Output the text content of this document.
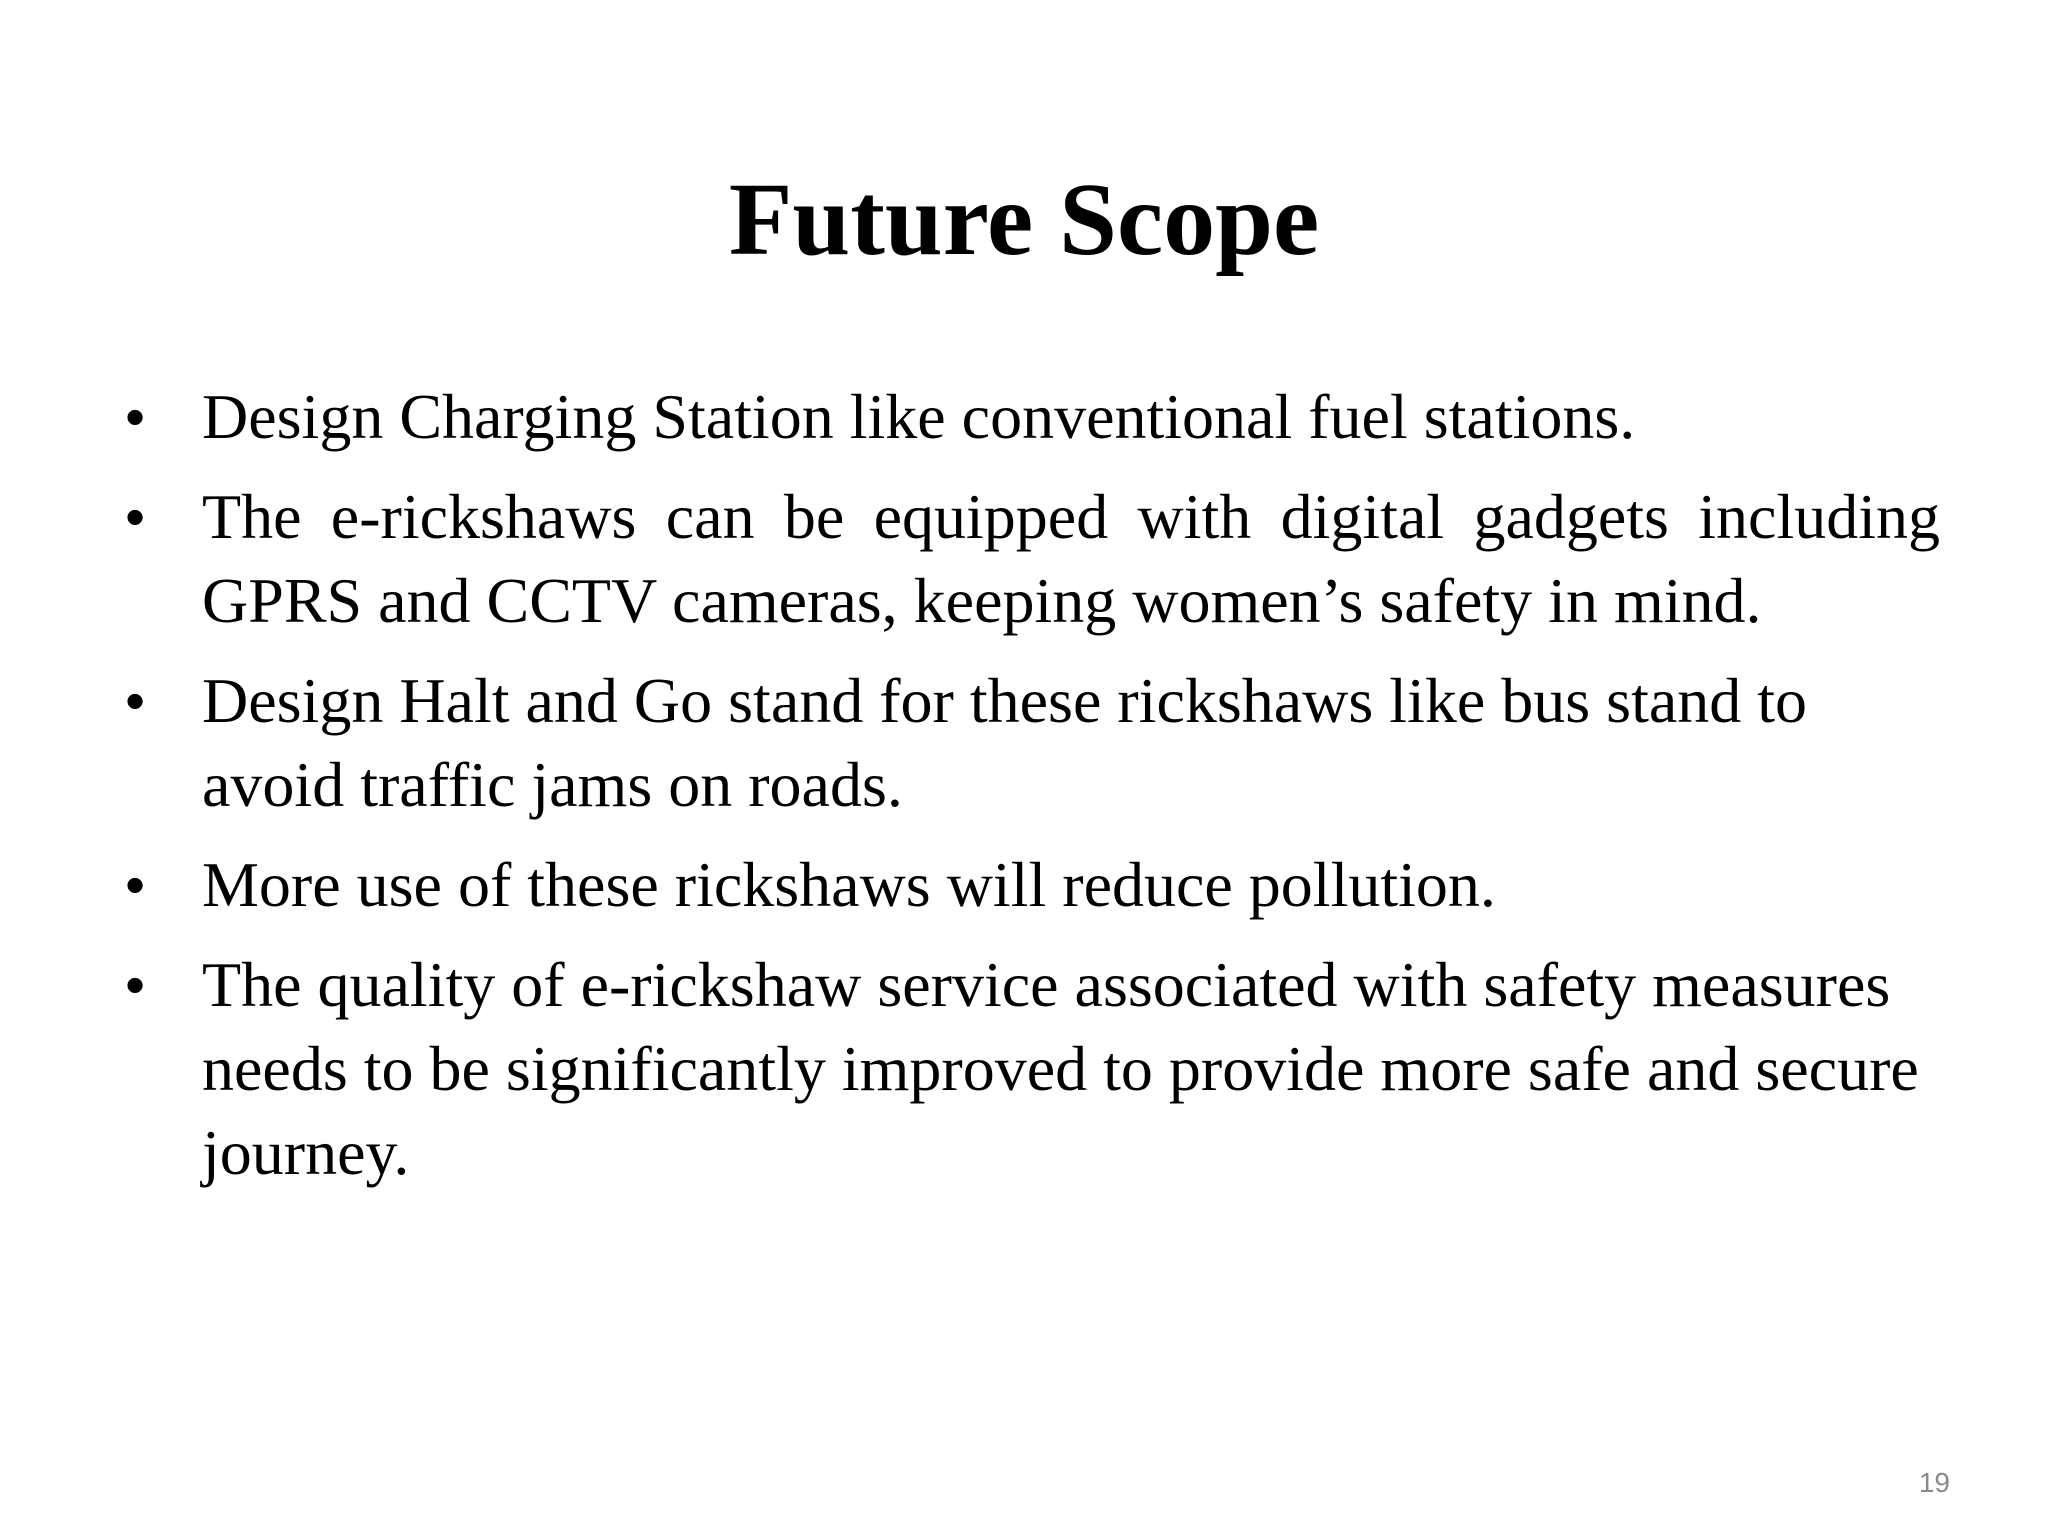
Future Scope
• Design Charging Station like conventional fuel stations.
• The e-rickshaws can be equipped with digital gadgets including GPRS and CCTV cameras, keeping women’s safety in mind.
• Design Halt and Go stand for these rickshaws like bus stand to avoid traffic jams on roads.
• More use of these rickshaws will reduce pollution.
• The quality of e-rickshaw service associated with safety measures needs to be significantly improved to provide more safe and secure journey.
19
